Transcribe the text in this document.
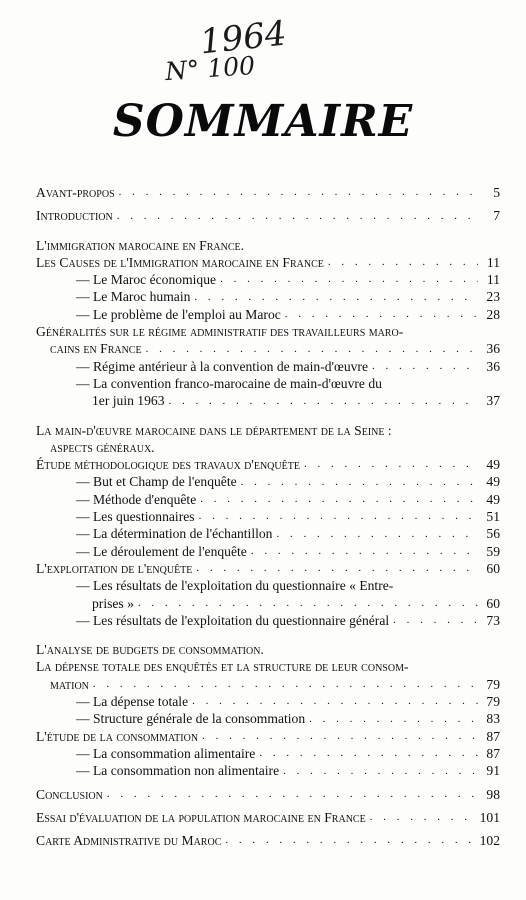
1964
N° 100
SOMMAIRE
Avant-propos . . .	5
Introduction . . .	7
L'immigration marocaine en France.
Les Causes de l'Immigration marocaine en France . . .	11
— Le Maroc économique . . .	11
— Le Maroc humain . . .	23
— Le problème de l'emploi au Maroc . . .	28
Généralités sur le régime administratif des travailleurs maro-
cains en France . . .	36
— Régime antérieur à la convention de main-d'œuvre . . .	36
— La convention franco-marocaine de main-d'œuvre du
1er juin 1963 . . .	37
La main-d'œuvre marocaine dans le département de la Seine :
aspects généraux.
Étude méthodologique des travaux d'enquête . . .	49
— But et Champ de l'enquête . . .	49
— Méthode d'enquête . . .	49
— Les questionnaires . . .	51
— La détermination de l'échantillon . . .	56
— Le déroulement de l'enquête . . .	59
L'exploitation de l'enquête . . .	60
— Les résultats de l'exploitation du questionnaire « Entre-
prises » . . .	60
— Les résultats de l'exploitation du questionnaire général . . .	73
L'analyse de budgets de consommation.
La dépense totale des enquêtés et la structure de leur consom-
mation . . .	79
— La dépense totale . . .	79
— Structure générale de la consommation . . .	83
L'étude de la consommation . . .	87
— La consommation alimentaire . . .	87
— La consommation non alimentaire . . .	91
Conclusion . . .	98
Essai d'évaluation de la population marocaine en France . . .	101
Carte Administrative du Maroc . . .	102
